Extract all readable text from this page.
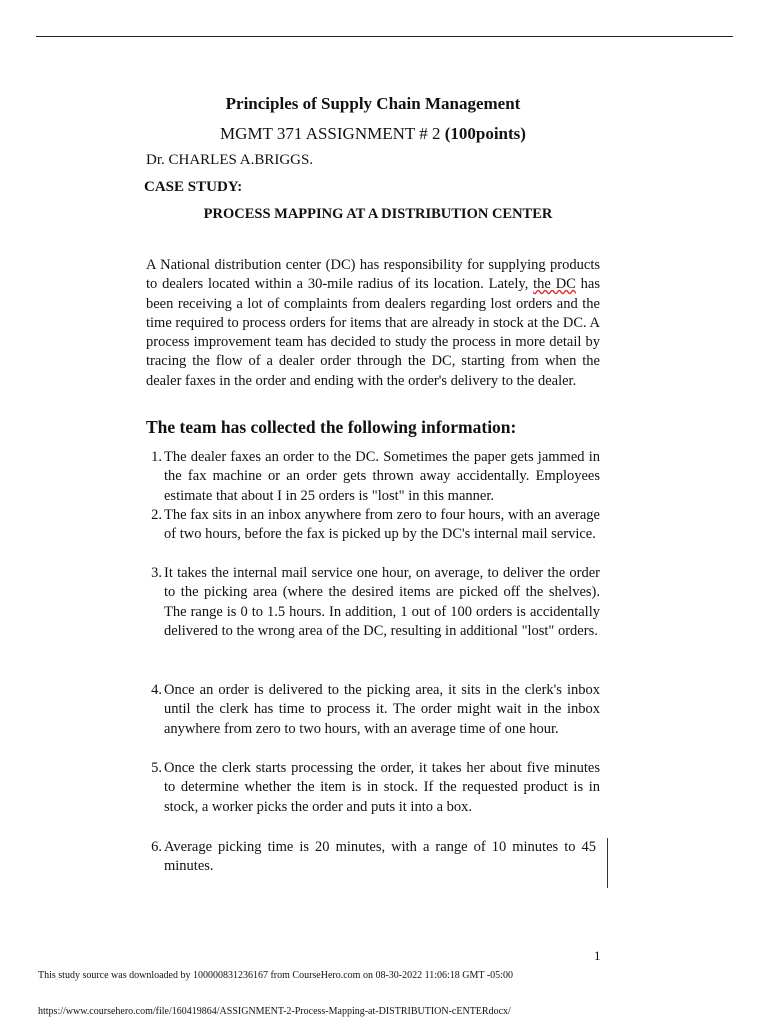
Principles of Supply Chain Management
MGMT 371 ASSIGNMENT # 2 (100points)
Dr. CHARLES A.BRIGGS.
CASE STUDY:
PROCESS MAPPING AT A DISTRIBUTION CENTER

A National distribution center (DC) has responsibility for supplying products to dealers located within a 30-mile radius of its location. Lately, the DC has been receiving a lot of complaints from dealers regarding lost orders and the time required to process orders for items that are already in stock at the DC. A process improvement team has decided to study the process in more detail by tracing the flow of a dealer order through the DC, starting from when the dealer faxes in the order and ending with the order's delivery to the dealer.

The team has collected the following information:
1. The dealer faxes an order to the DC. Sometimes the paper gets jammed in the fax machine or an order gets thrown away accidentally. Employees estimate that about I in 25 orders is "lost" in this manner.
2. The fax sits in an inbox anywhere from zero to four hours, with an average of two hours, before the fax is picked up by the DC's internal mail service.
3. It takes the internal mail service one hour, on average, to deliver the order to the picking area (where the desired items are picked off the shelves). The range is 0 to 1.5 hours. In addition, 1 out of 100 orders is accidentally delivered to the wrong area of the DC, resulting in additional "lost" orders.
4. Once an order is delivered to the picking area, it sits in the clerk's inbox until the clerk has time to process it. The order might wait in the inbox anywhere from zero to two hours, with an average time of one hour.
5. Once the clerk starts processing the order, it takes her about five minutes to determine whether the item is in stock. If the requested product is in stock, a worker picks the order and puts it into a box.
6. Average picking time is 20 minutes, with a range of 10 minutes to 45 minutes.
1
This study source was downloaded by 100000831236167 from CourseHero.com on 08-30-2022 11:06:18 GMT -05:00
https://www.coursehero.com/file/160419864/ASSIGNMENT-2-Process-Mapping-at-DISTRIBUTION-cENTERdocx/
